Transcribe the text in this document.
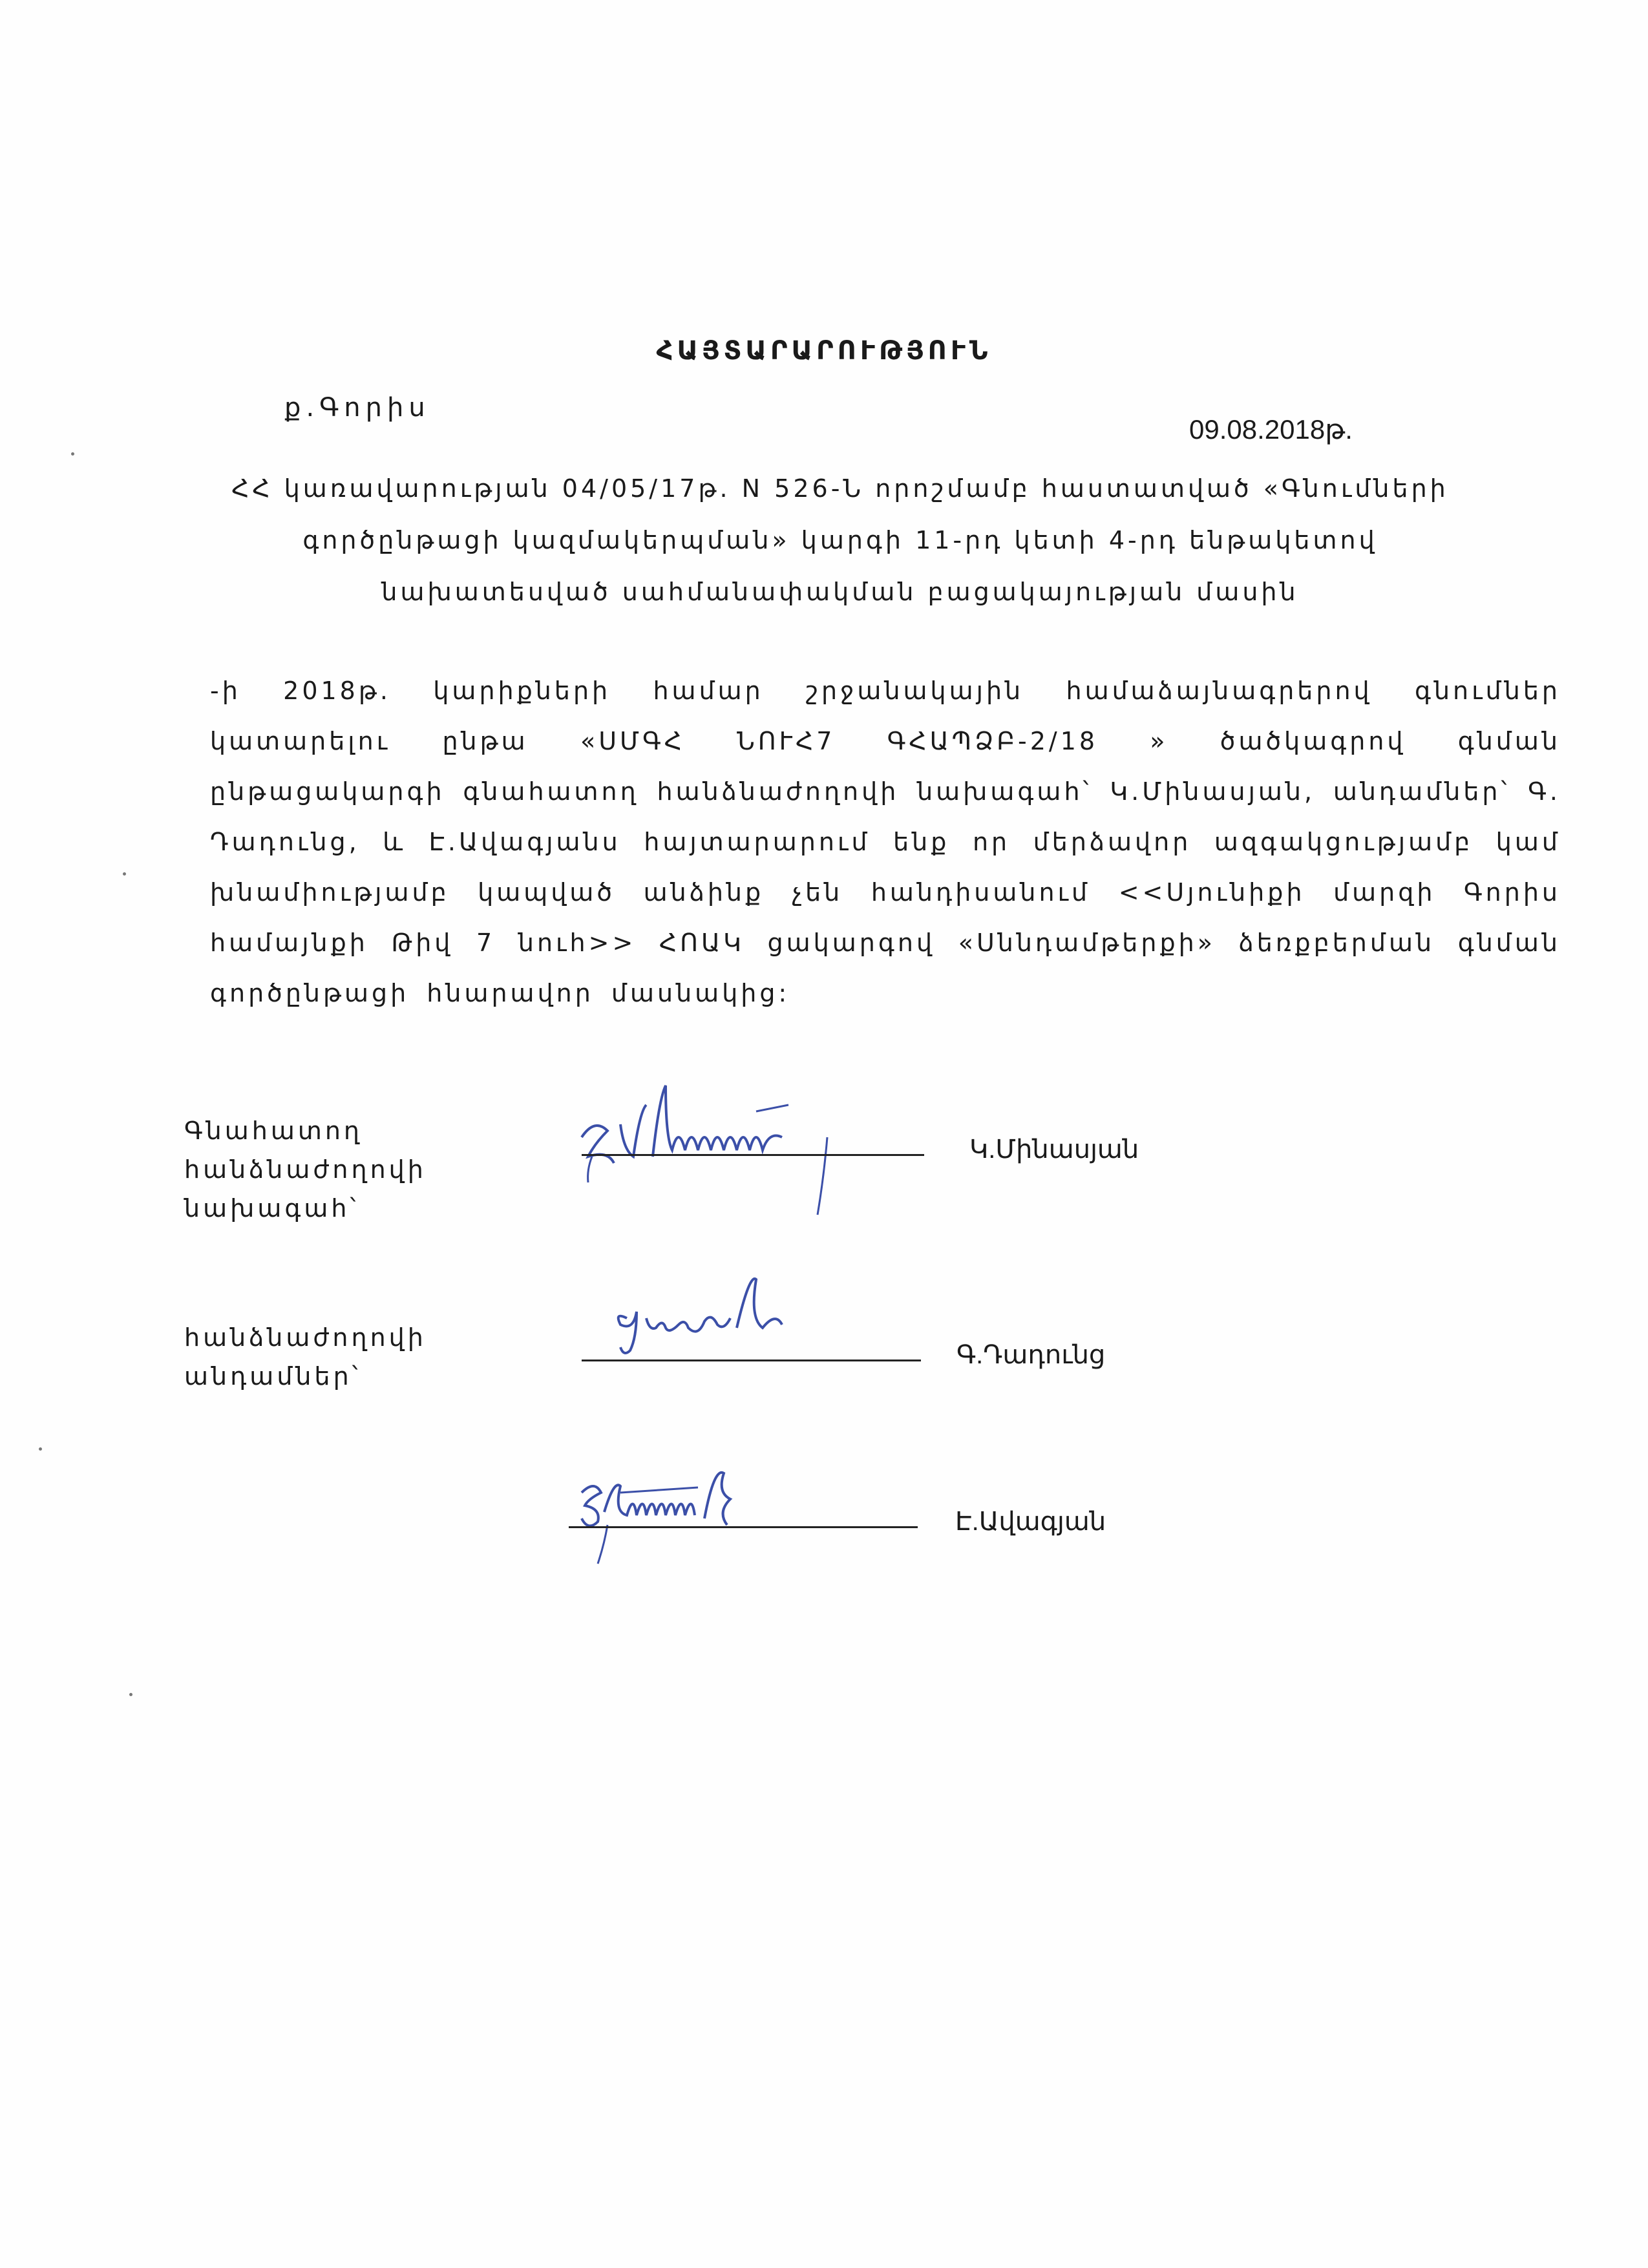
ՀԱՅՏԱՐԱՐՈՒԹՅՈՒՆ
ք.Գորիս
09.08.2018թ.
ՀՀ կառավարության 04/05/17թ. N 526-Ն որոշմամբ հաստատված «Գնումների գործընթացի կազմակերպման» կարգի 11-րդ կետի 4-րդ ենթակետով նախատեսված սահմանափակման բացակայության մասին
-ի 2018թ. կարիքների համար շրջանակային համաձայնագրերով գնումներ կատարելու ընթա «ՍՄԳՀ ՆՈՒՀ7 ԳՀԱՊՁԲ-2/18 » ծածկագրով գնման ընթացակարգի գնահատող հանձնաժողովի նախագահ՝ Կ.Մինասյան, անդամներ՝ Գ. Դադունց, և Է.Ավագյանս հայտարարում ենք որ մերձավոր ազգակցությամբ կամ խնամիությամբ կապված անձինք չեն հանդիսանում <<Սյունիքի մարզի Գորիս համայնքի Թիվ 7 նուհ>> ՀՈԱԿ ցակարգով «Սննդամթերքի» ձեռքբերման գնման գործընթացի հնարավոր մասնակից:
Գնահատող
հանձնաժողովի
նախագահ՝
Կ.Մինասյան
հանձնաժողովի
անդամներ՝
Գ.Դադունց
Է.Ավագյան
